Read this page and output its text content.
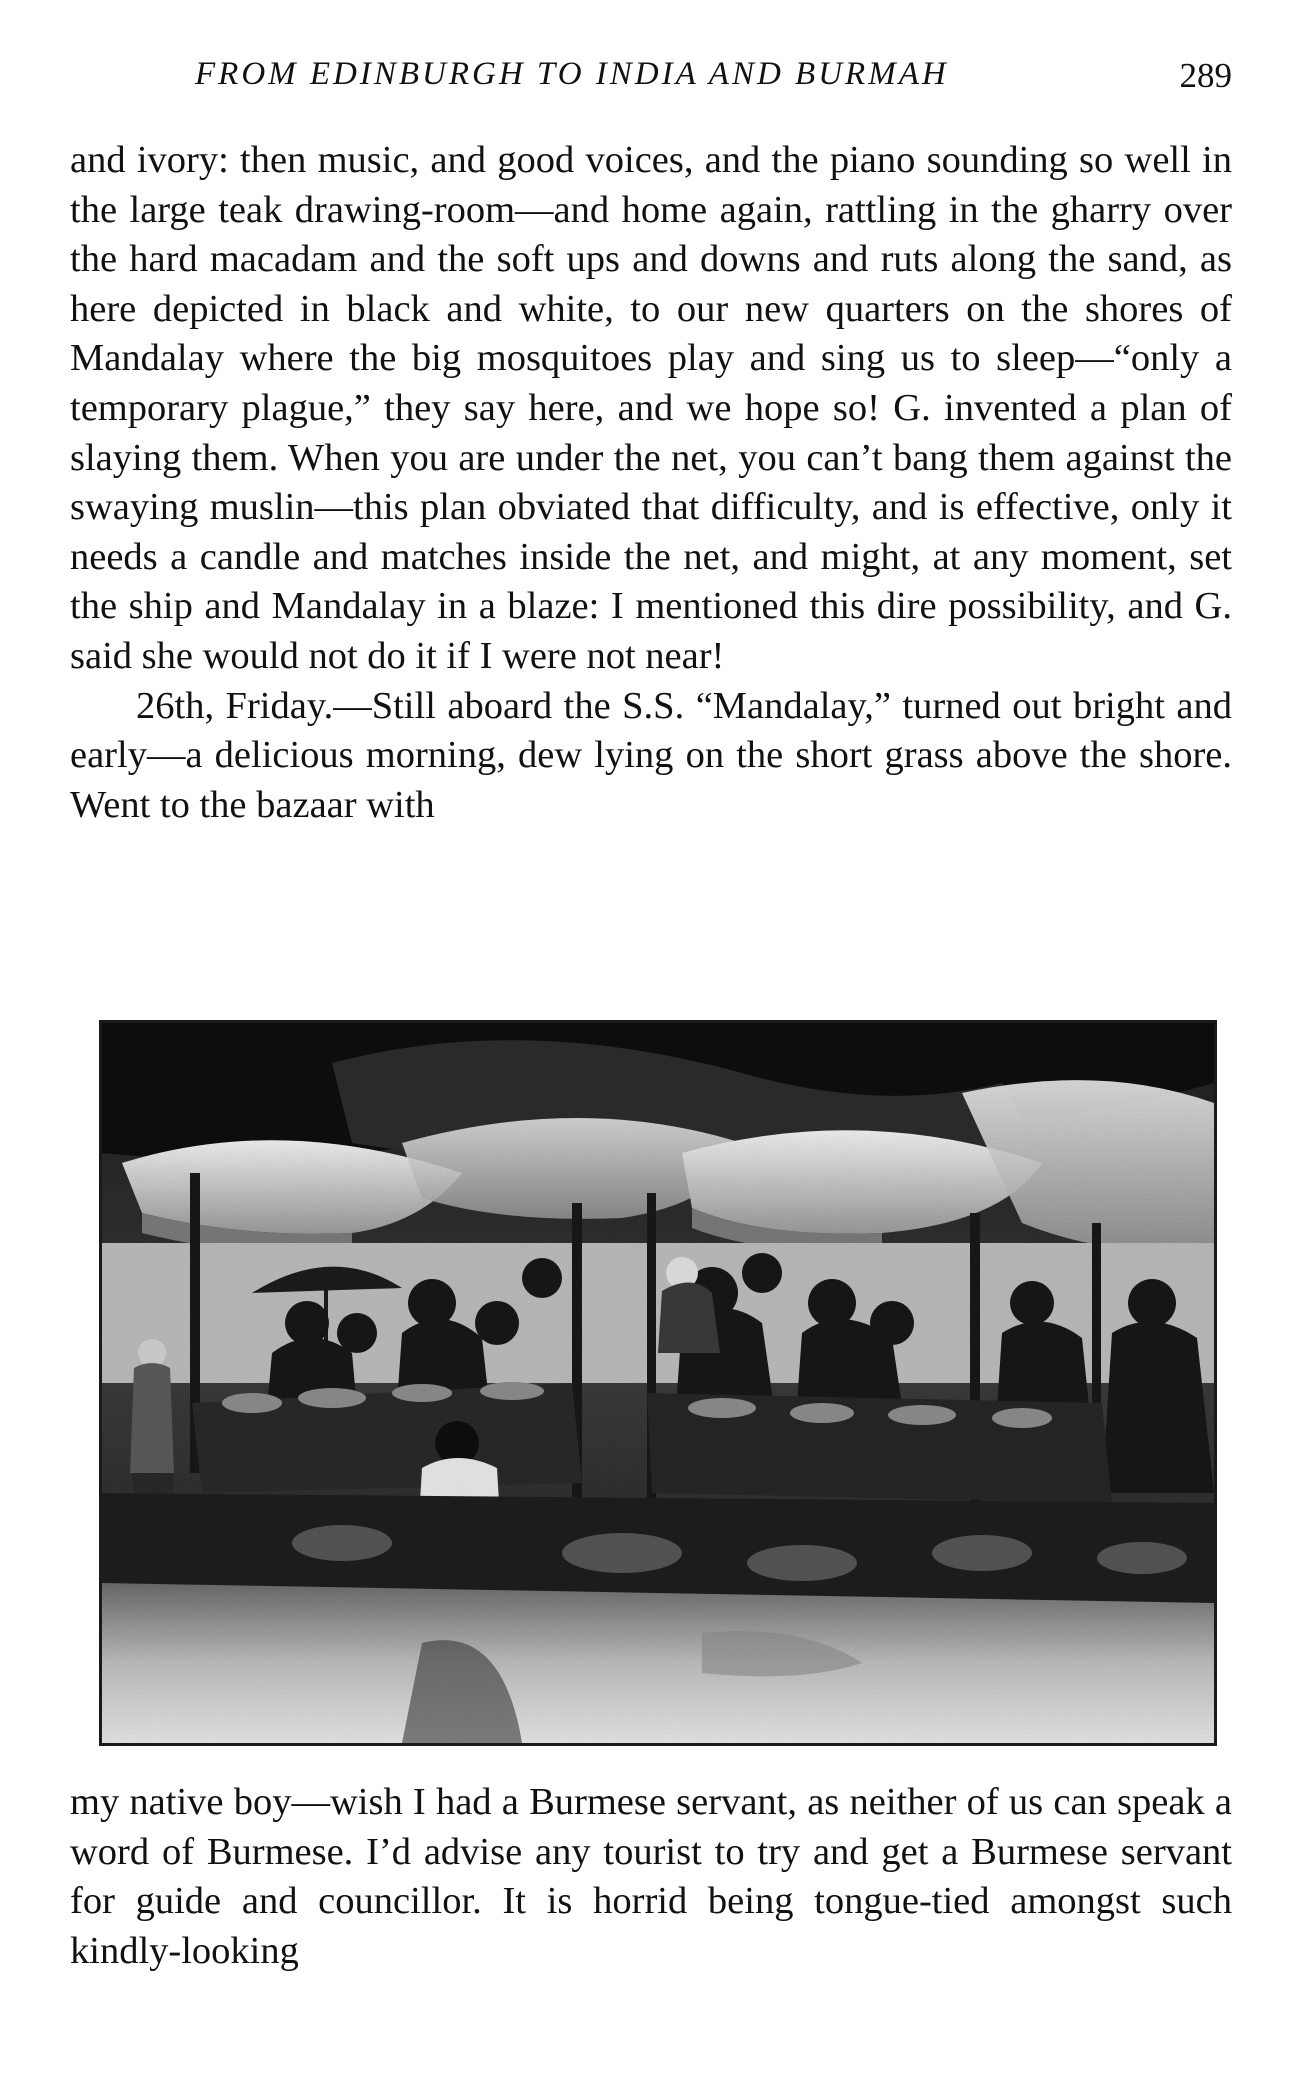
FROM EDINBURGH TO INDIA AND BURMAH	289

and ivory: then music, and good voices, and the piano sounding so well in the large teak drawing-room—and home again, rattling in the gharry over the hard macadam and the soft ups and downs and ruts along the sand, as here depicted in black and white, to our new quarters on the shores of Mandalay where the big mosquitoes play and sing us to sleep—“only a temporary plague,” they say here, and we hope so! G. invented a plan of slaying them. When you are under the net, you can’t bang them against the swaying muslin—this plan obviated that difficulty, and is effective, only it needs a candle and matches inside the net, and might, at any moment, set the ship and Mandalay in a blaze: I mentioned this dire possibility, and G. said she would not do it if I were not near!

26th, Friday.—Still aboard the S.S. “Mandalay,” turned out bright and early—a delicious morning, dew lying on the short grass above the shore. Went to the bazaar with

my native boy—wish I had a Burmese servant, as neither of us can speak a word of Burmese. I’d advise any tourist to try and get a Burmese servant for guide and councillor. It is horrid being tongue-tied amongst such kindly-looking
